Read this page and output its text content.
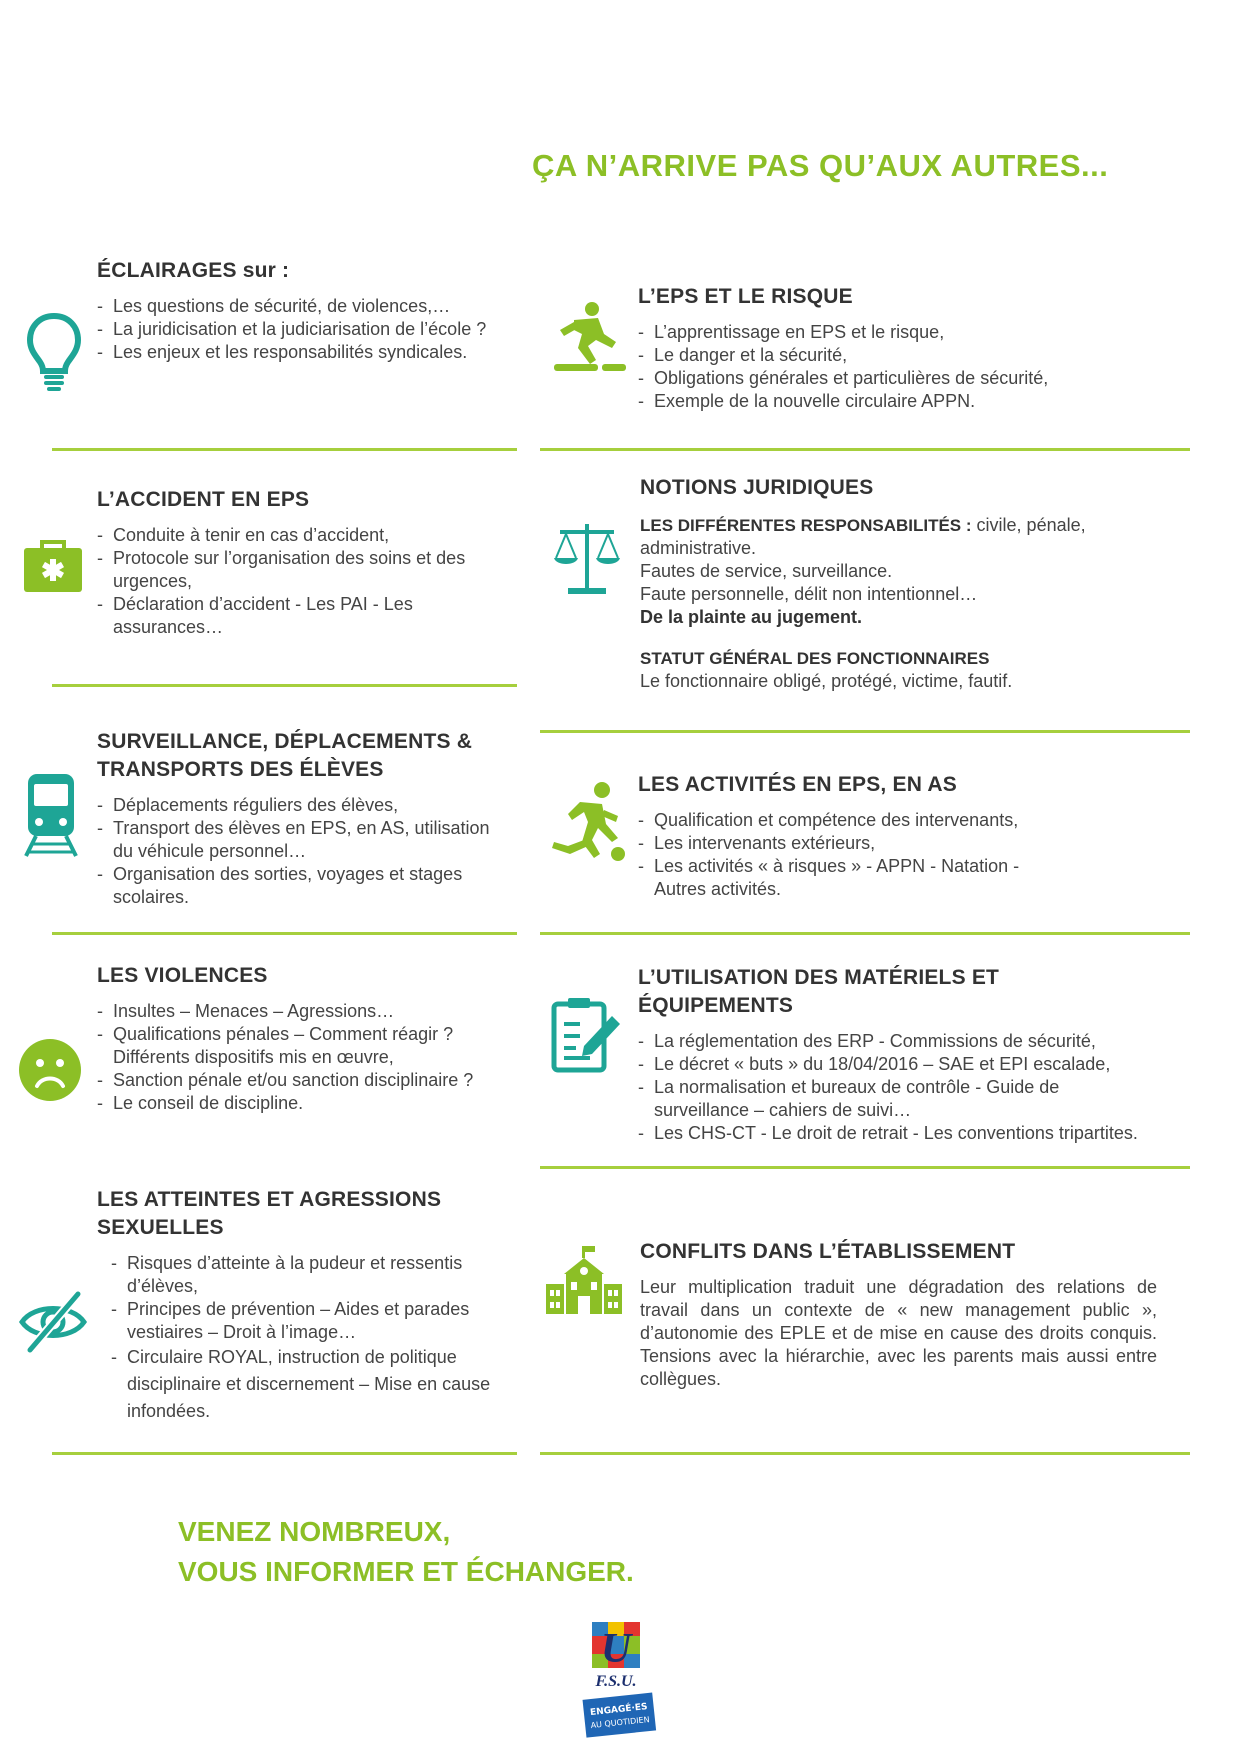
ÇA N’ARRIVE PAS QU’AUX AUTRES...
ÉCLAIRAGES sur :
- Les questions de sécurité, de violences,…
- La juridicisation et la judiciarisation de l’école ?
- Les enjeux et les responsabilités syndicales.
L’ACCIDENT EN EPS
- Conduite à tenir en cas d’accident,
- Protocole sur l’organisation des soins et des urgences,
- Déclaration d’accident - Les PAI - Les assurances…
SURVEILLANCE, DÉPLACEMENTS &
TRANSPORTS DES ÉLÈVES
- Déplacements réguliers des élèves,
- Transport des élèves en EPS, en AS, utilisation du véhicule personnel…
- Organisation des sorties, voyages et stages scolaires.
LES VIOLENCES
- Insultes – Menaces – Agressions…
- Qualifications pénales – Comment réagir ? Différents dispositifs mis en œuvre,
- Sanction pénale et/ou sanction disciplinaire ?
- Le conseil de discipline.
LES ATTEINTES ET AGRESSIONS
SEXUELLES
- Risques d’atteinte à la pudeur et ressentis d’élèves,
- Principes de prévention – Aides et parades vestiaires – Droit à l’image…
- Circulaire ROYAL, instruction de politique disciplinaire et discernement – Mise en cause infondées.
L’EPS ET LE RISQUE
- L’apprentissage en EPS et le risque,
- Le danger et la sécurité,
- Obligations générales et particulières de sécurité,
- Exemple de la nouvelle circulaire APPN.
NOTIONS JURIDIQUES
LES DIFFÉRENTES RESPONSABILITÉS : civile, pénale, administrative.
Fautes de service, surveillance.
Faute personnelle, délit non intentionnel…
De la plainte au jugement.
STATUT GÉNÉRAL DES FONCTIONNAIRES
Le fonctionnaire obligé, protégé, victime, fautif.
LES ACTIVITÉS EN EPS, EN AS
- Qualification et compétence des intervenants,
- Les intervenants extérieurs,
- Les activités « à risques » - APPN - Natation - Autres activités.
L’UTILISATION DES MATÉRIELS ET ÉQUIPEMENTS
- La réglementation des ERP - Commissions de sécurité,
- Le décret « buts » du 18/04/2016 – SAE et EPI escalade,
- La normalisation et bureaux de contrôle - Guide de surveillance – cahiers de suivi…
- Les CHS-CT - Le droit de retrait - Les conventions tripartites.
CONFLITS DANS L’ÉTABLISSEMENT
Leur multiplication traduit une dégradation des relations de travail dans un contexte de « new management public », d’autonomie des EPLE et de mise en cause des droits conquis. Tensions avec la hiérarchie, avec les parents mais aussi entre collègues.
VENEZ NOMBREUX,
VOUS INFORMER ET ÉCHANGER.
U
F.S.U.
ENGAGÉ·ES
AU QUOTIDIEN
